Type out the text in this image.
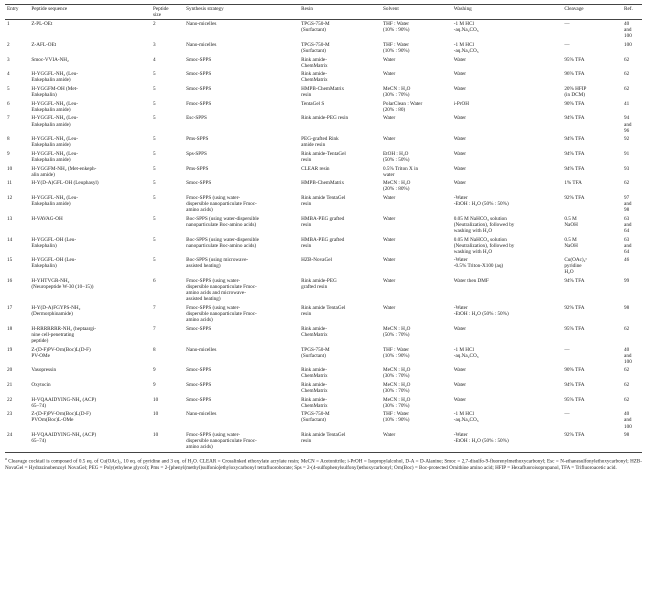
Entry	Peptide sequence	Peptide
size	Synthesis strategy	Resin	Solvent	Washing	Cleavage	Ref.
1	Z-PL-OEt	2	Nano-micelles	TPGS-750-M
(Surfactant)	THF : Water
(10% : 90%)	-1 M HCl
-aq.Na₂CO₃	—	40
and
100
2	Z-AFL-OEt	3	Nano-micelles	TPGS-750-M
(Surfactant)	THF : Water
(10% : 90%)	-1 M HCl
-aq.Na₂CO₃	—	100
3	Smoc-VVIA-NH₂	4	Smoc-SPPS	Rink amide-
ChemMatrix	Water	Water	95% TFA	62
4	H-YGGFL-NH₂ (Leu-
Enkephalin amide)	5	Smoc-SPPS	Rink amide-
ChemMatrix	Water	Water	96% TFA	62
5	H-YGGFM-OH (Met-
Enkephalin)	5	Smoc-SPPS	HMPB-ChemMatrix
resin	MeCN : H₂O
(30% : 70%)	Water	20% HFIP
(in DCM)	62
6	H-YGGFL-NH₂ (Leu-
Enkephalin amide)	5	Fmoc-SPPS	TentaGel S	PolarClean : Water
(20% : 80)	i-PrOH	90% TFA	41
7	H-YGGFL-NH₂ (Leu-
Enkephalin amide)	5	Esc-SPPS	Rink amide-PEG resin	Water	Water	94% TFA	94
and
96
8	H-YGGFL-NH₂ (Leu-
Enkephalin amide)	5	Pms-SPPS	PEG-grafted Rink
amide resin	Water	Water	94% TFA	92
9	H-YGGFL-NH₂ (Leu-
Enkephalin amide)	5	Sps-SPPS	Rink amide-TentaGel
resin	EtOH : H₂O
(50% : 50%)	Water	94% TFA	91
10	H-YGGFM-NH₂ (Met-enkeph-
alin amide)	5	Pms-SPPS	CLEAR resin	0.5% Triton X in
water	Water	94% TFA	93
11	H-Y(D-A)GFL-OH (Leuphasyl)	5	Smoc-SPPS	HMPB-ChemMatrix	MeCN : H₂O
(20% : 80%)	Water	1% TFA	62
12	H-YGGFL-NH₂ (Leu-
Enkephalin amide)	5	Fmoc-SPPS (using water-
dispersible nanoparticulate Fmoc-
amino acids)	Rink amide TentaGel
resin	Water	-Water
-EtOH : H₂O (50% : 50%)	92% TFA	97
and
98
13	H-VAVAG-OH	5	Boc-SPPS (using water-dispersible
nanoparticulate Boc-amino acids)	HMBA-PEG grafted
resin	Water	0.05 M NaHCO₃ solution
(Neutralization), followed by
washing with H₂O	0.5 M
NaOH	63
and
64
14	H-YGGFL-OH (Leu-
Enkephalin)	5	Boc-SPPS (using water-dispersible
nanoparticulate Boc-amino acids)	HMBA-PEG grafted
resin	Water	0.05 M NaHCO₃ solution
(Neutralization), followed by
washing with H₂O	0.5 M
NaOH	63
and
64
15	H-YGGFL-OH (Leu-
Enkephalin)	5	Boc-SPPS (using microwave-
assisted heating)	HZB-NovaGel	Water	-Water
-0.5% Triton-X100 (aq)	Cu(OAc)₂ᵃ
pyridine
H₂O	46
16	H-YHTVGR-NH₂
(Neuropeptide W-30 (10–15))	6	Fmoc-SPPS (using water-
dispersible nanoparticulate Fmoc-
amino acids and microwave-
assisted heating)	Rink amide-PEG
grafted resin	Water	Water then DMF	94% TFA	99
17	H-Y(D-A)FGYPS-NH₂
(Dermorphinamide)	7	Fmoc-SPPS (using water-
dispersible nanoparticulate Fmoc-
amino acids)	Rink amide TentaGel
resin	Water	-Water
-EtOH : H₂O (50% : 50%)	92% TFA	98
18	H-RRRRRRR-NH₂ (heptaargi-
nine cell-penetrating
peptide)	7	Smoc-SPPS	Rink amide-
ChemMatrix	MeCN : H₂O
(50% : 70%)	Water	95% TFA	62
19	Z-(D-F)PV-Orn(Boc)L(D-F)
PV-OMe	8	Nano-micelles	TPGS-750-M
(Surfactant)	THF : Water
(10% : 90%)	-1 M HCl
-aq.Na₂CO₃	—	40
and
100
20	Vasopressin	9	Smoc-SPPS	Rink amide-
ChemMatrix	MeCN : H₂O
(30% : 70%)	Water	90% TFA	62
21	Oxytocin	9	Smoc-SPPS	Rink amide-
ChemMatrix	MeCN : H₂O
(30% : 70%)	Water	94% TFA	62
22	H-VQAAIDYING-NH₂ (ACP)
65–74)	10	Smoc-SPPS	Rink amide-
ChemMatrix	MeCN : H₂O
(30% : 70%)	Water	95% TFA	62
23	Z-(D-F)PV-Orn(Boc)L(D-F)
PVOrn(Boc)L-OMe	10	Nano-micelles	TPGS-750-M
(Surfactant)	THF : Water
(10% : 90%)	-1 M HCl
-aq.Na₂CO₃	—	40
and
100
24	H-VQAAIDYING-NH₂ (ACP)
65–74)	10	Fmoc-SPPS (using water-
dispersible nanoparticulate Fmoc-
amino acids)	Rink amide TentaGel
resin	Water	-Water
-EtOH : H₂O (50% : 50%)	92% TFA	98

$^a$ Cleavage cocktail is composed of 0.5 eq. of Cu(OAc)₂, 10 eq. of pyridine and 3 eq. of H₂O. CLEAR = Crosslinked ethoxylate acrylate resin; MeCN = Acetonitrile; i-PrOH = Isopropylalcohol, D-A = D-Alanine; Smoc = 2,7-disulfo-9-fluorenylmethoxycarbonyl; Esc = N-ethanesulfonylethoxycarbonyl; HZB-NovaGel = Hydrazinobenzoyl NovaGel; PEG = Poly(ethylene glycol); Pms = 2-[phenyl(methyl)sulfonio]ethyloxycarbonyl tetrafluoroborate; Sps = 2-(4-sulfophenylsulfonyl)ethoxycarbonyl; Orn(Boc) = Boc-protected Ornithine amino acid; HFIP = Hexafluoroisopropanol, TFA = Trifluoroacetic acid.
